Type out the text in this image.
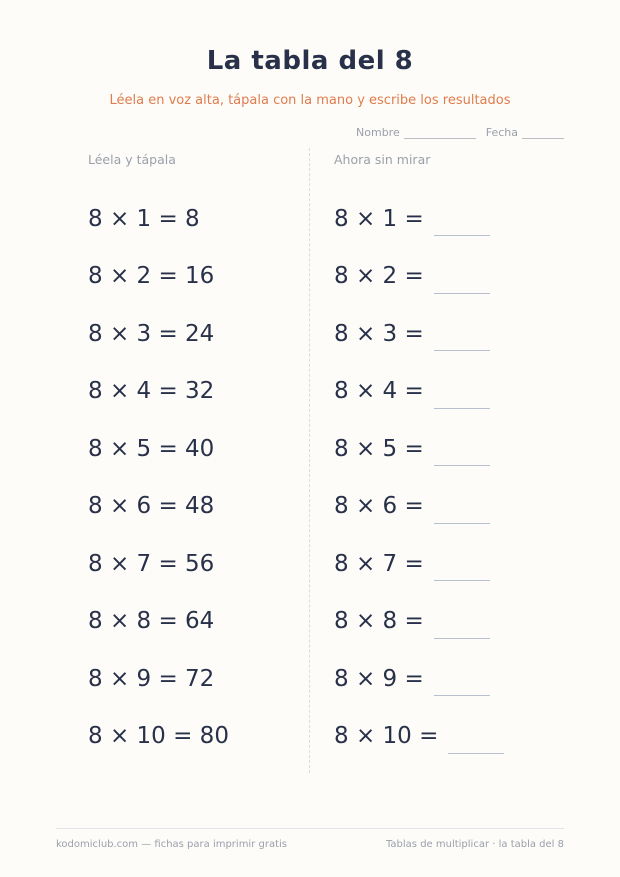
La tabla del 8
Léela en voz alta, tápala con la mano y escribe los resultados
Nombre	Fecha
Léela y tápala	Ahora sin mirar
8 × 1 = 8
8 × 2 = 16
8 × 3 = 24
8 × 4 = 32
8 × 5 = 40
8 × 6 = 48
8 × 7 = 56
8 × 8 = 64
8 × 9 = 72
8 × 10 = 80
8 × 1 =
8 × 2 =
8 × 3 =
8 × 4 =
8 × 5 =
8 × 6 =
8 × 7 =
8 × 8 =
8 × 9 =
8 × 10 =
kodomiclub.com — fichas para imprimir gratis	Tablas de multiplicar · la tabla del 8
